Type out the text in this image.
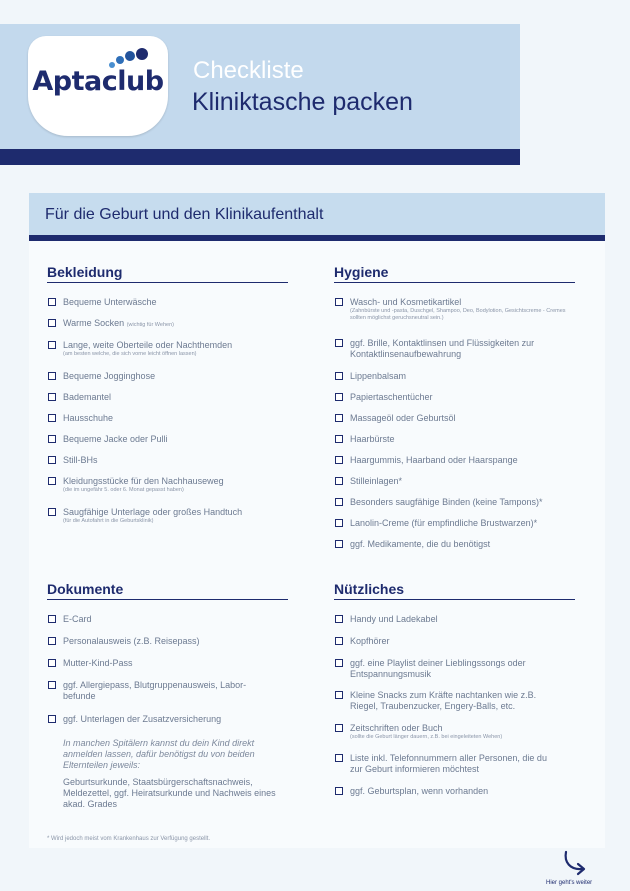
Aptaclub Checkliste
Kliniktasche packen
Für die Geburt und den Klinikaufenthalt
Bekleidung
Bequeme Unterwäsche
Warme Socken (wichtig für Wehen)
Lange, weite Oberteile oder Nachthemden
(am besten welche, die sich vorne leicht öffnen lassen)
Bequeme Jogginghose
Bademantel
Hausschuhe
Bequeme Jacke oder Pulli
Still-BHs
Kleidungsstücke für den Nachhauseweg
(die im ungefähr 5. oder 6. Monat gepasst haben)
Saugfähige Unterlage oder großes Handtuch
(für die Autofahrt in die Geburtsklinik)
Hygiene
Wasch- und Kosmetikartikel
(Zahnbürste und -pasta, Duschgel, Shampoo, Deo, Bodylotion, Gesichtscreme - Cremes sollten möglichst geruchsneutral sein.)
ggf. Brille, Kontaktlinsen und Flüssigkeiten zur Kontaktlinsenaufbewahrung
Lippenbalsam
Papiertaschentücher
Massageöl oder Geburtsöl
Haarbürste
Haargummis, Haarband oder Haarspange
Stilleinlagen*
Besonders saugfähige Binden (keine Tampons)*
Lanolin-Creme (für empfindliche Brustwarzen)*
ggf. Medikamente, die du benötigst
Dokumente
E-Card
Personalausweis (z.B. Reisepass)
Mutter-Kind-Pass
ggf. Allergiepass, Blutgruppenausweis, Labor-befunde
ggf. Unterlagen der Zusatzversicherung
In manchen Spitälern kannst du dein Kind direkt anmelden lassen, dafür benötigst du von beiden Elternteilen jeweils:
Geburtsurkunde, Staatsbürgerschaftsnachweis, Meldezettel, ggf. Heiratsurkunde und Nachweis eines akad. Grades
Nützliches
Handy und Ladekabel
Kopfhörer
ggf. eine Playlist deiner Lieblingssongs oder Entspannungsmusik
Kleine Snacks zum Kräfte nachtanken wie z.B. Riegel, Traubenzucker, Engery-Balls, etc.
Zeitschriften oder Buch
(sollte die Geburt länger dauern, z.B. bei eingeleiteten Wehen)
Liste inkl. Telefonnummern aller Personen, die du zur Geburt informieren möchtest
ggf. Geburtsplan, wenn vorhanden
* Wird jedoch meist vom Krankenhaus zur Verfügung gestellt.
Hier geht's weiter
